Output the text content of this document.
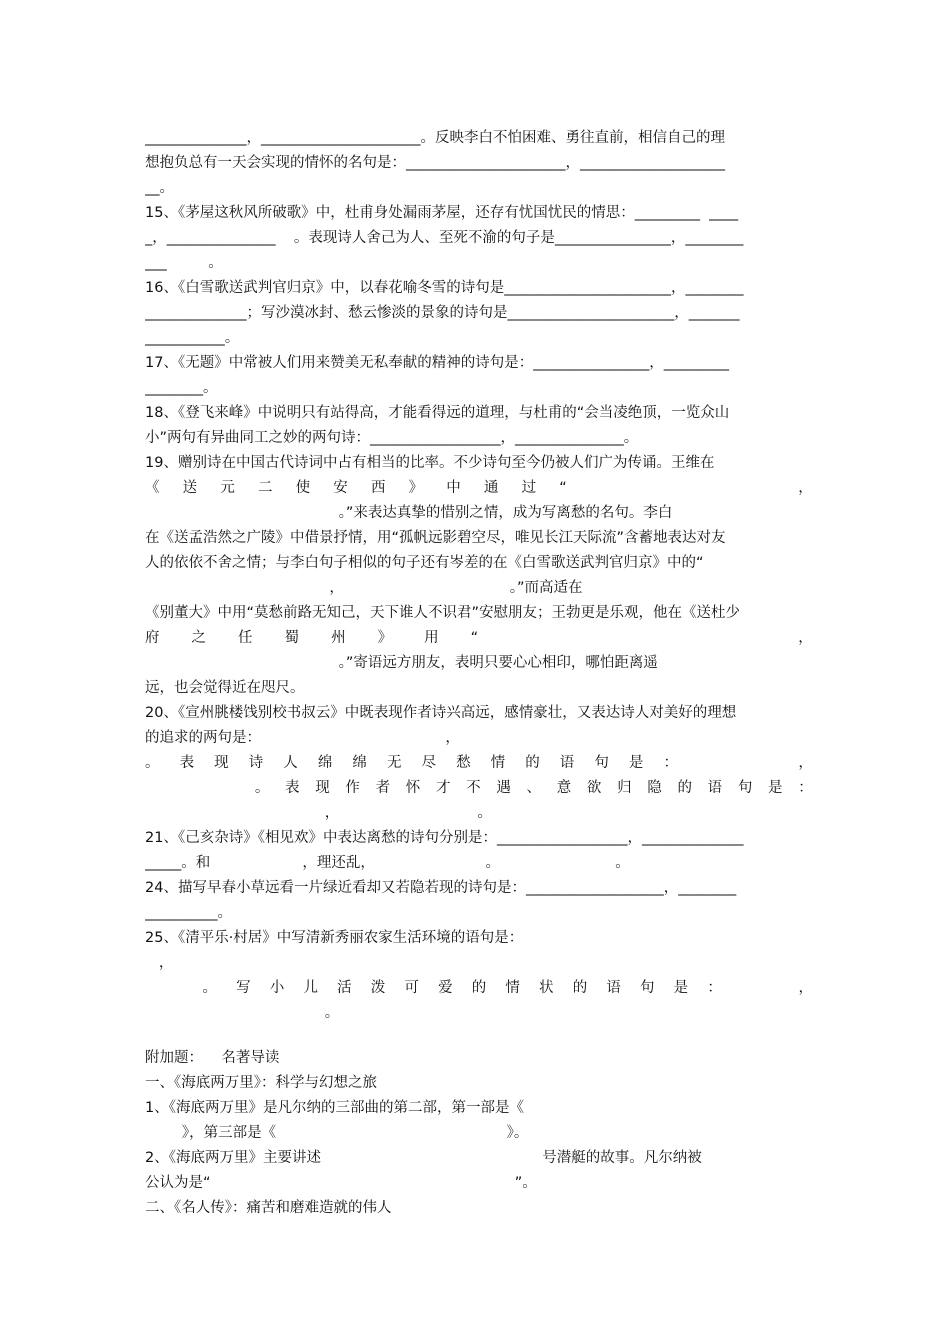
______________，______________________。反映李白不怕困难、勇往直前，相信自己的理
想抱负总有一天会实现的情怀的名句是：______________________，____________________
__。
15、《茅屋这秋风所破歌》中，杜甫身处漏雨茅屋，还存有忧国忧民的情思：_________  ____
_，_______________    。表现诗人舍己为人、至死不渝的句子是________________，________
___         。
16、《白雪歌送武判官归京》中，以春花喻冬雪的诗句是_______________________，________
______________；写沙漠冰封、愁云惨淡的景象的诗句是_______________________，_______
___________。
17、《无题》中常被人们用来赞美无私奉献的精神的诗句是：________________，_________
________。
18、《登飞来峰》中说明只有站得高，才能看得远的道理，与杜甫的“会当凌绝顶，一览众山
小”两句有异曲同工之妙的两句诗：__________________，_______________。
19、赠别诗在中国古代诗词中占有相当的比率。不少诗句至今仍被人们广为传诵。王维在
。”来表达真挚的惜别之情，成为写离愁的名句。李白
在《送孟浩然之广陵》中借景抒情，用“孤帆远影碧空尽，唯见长江天际流”含蓄地表达对友
人的依依不舍之情；与李白句子相似的句子还有岑差的在《白雪歌送武判官归京》中的“
，                                    。”而高适在
《别董大》中用“莫愁前路无知己，天下谁人不识君”安慰朋友；王勃更是乐观，他在《送杜少
。”寄语远方朋友，表明只要心心相印，哪怕距离遥
远，也会觉得近在咫尺。
20、《宣州朓楼饯别校书叔云》中既表现作者诗兴高远，感情豪壮，又表达诗人对美好的理想
的追求的两句是：                                        ，
，                              。
21、《己亥杂诗》《相见欢》中表达离愁的诗句分别是：__________________，______________
_____。和                    ，理还乱，                        。                         。
24、描写早春小草远看一片绿近看却又若隐若现的诗句是：___________________，________
__________。
25、《清平乐·村居》中写清新秀丽农家生活环境的语句是：
，
。
附加题：    名著导读
一、《海底两万里》：科学与幻想之旅
1、《海底两万里》是凡尔纳的三部曲的第二部，第一部是《
》，第三部是《                                                  》。
2、《海底两万里》主要讲述                                                号潜艇的故事。凡尔纳被
公认为是“                                                                  ”。
二、《名人传》：痛苦和磨难造就的伟人
《 送 元 二 使 安 西 》 中 通 过 “	，
府 之 任 蜀 州 》 用 “	，
。 表 现 诗 人 绵 绵 无 尽 愁 情 的 语 句 是 ：	，
。 表 现 作 者 怀 才 不 遇 、 意 欲 归 隐 的 语 句 是 ：
。 写 小 儿 活 泼 可 爱 的 情 状 的 语 句 是 ：	，
